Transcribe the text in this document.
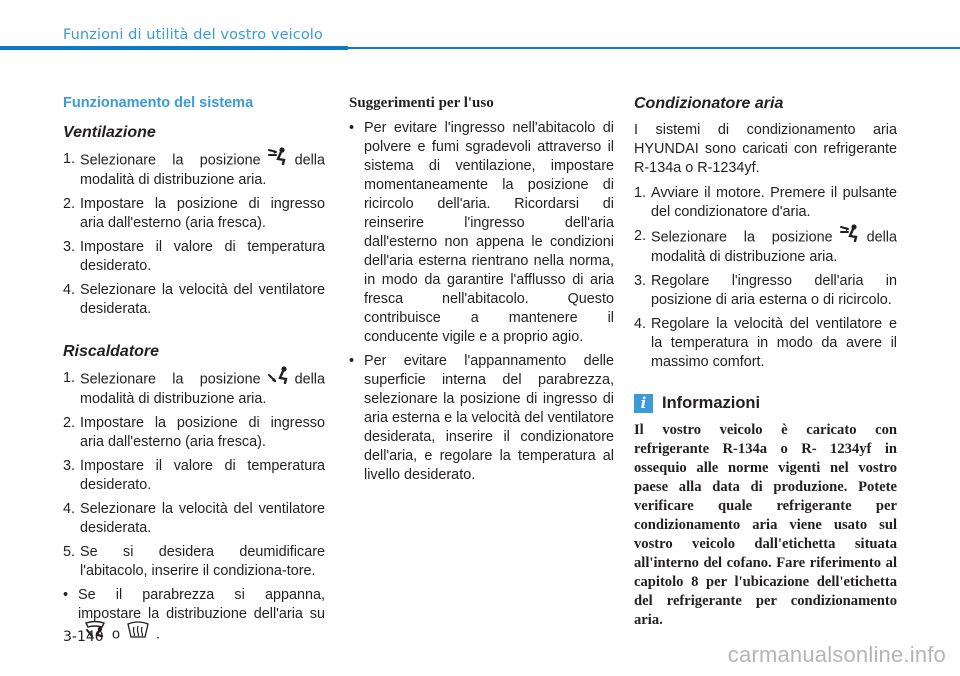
Funzioni di utilità del vostro veicolo
Funzionamento del sistema
Ventilazione
1. Selezionare la posizione della modalità di distribuzione aria.
2. Impostare la posizione di ingresso aria dall'esterno (aria fresca).
3. Impostare il valore di temperatura desiderato.
4. Selezionare la velocità del ventilatore desiderata.
Riscaldatore
1. Selezionare la posizione della modalità di distribuzione aria.
2. Impostare la posizione di ingresso aria dall'esterno (aria fresca).
3. Impostare il valore di temperatura desiderato.
4. Selezionare la velocità del ventilatore desiderata.
5. Se si desidera deumidificare l'abitacolo, inserire il condiziona-tore.
• Se il parabrezza si appanna, impostare la distribuzione dell'aria suo	.
Suggerimenti per l'uso
• Per evitare l'ingresso nell'abitacolo di polvere e fumi sgradevoli attraverso il sistema di ventilazione, impostare momentaneamente la posizione di ricircolo dell'aria. Ricordarsi di reinserire l'ingresso dell'aria dall'esterno non appena le condizioni dell'aria esterna rientrano nella norma, in modo da garantire l'afflusso di aria fresca nell'abitacolo. Questo contribuisce a mantenere il conducente vigile e a proprio agio.
• Per evitare l'appannamento delle superficie interna del parabrezza, selezionare la posizione di ingresso di aria esterna e la velocità del ventilatore desiderata, inserire il condizionatore dell'aria, e regolare la temperatura al livello desiderato.
Condizionatore aria
I sistemi di condizionamento aria HYUNDAI sono caricati con refrigerante R-134a o R-1234yf.
1. Avviare il motore. Premere il pulsante del condizionatore d'aria.
2. Selezionare la posizione della modalità di distribuzione aria.
3. Regolare l'ingresso dell'aria in posizione di aria esterna o di ricircolo.
4. Regolare la velocità del ventilatore e la temperatura in modo da avere il massimo comfort.
i Informazioni
Il vostro veicolo è caricato con refrigerante R-134a o R- 1234yf in ossequio alle norme vigenti nel vostro paese alla data di produzione. Potete verificare quale refrigerante per condizionamento aria viene usato sul vostro veicolo dall'etichetta situata all'interno del cofano. Fare riferimento al capitolo 8 per l'ubicazione dell'etichetta del refrigerante per condizionamento aria.
3-140
carmanualsonline.info
